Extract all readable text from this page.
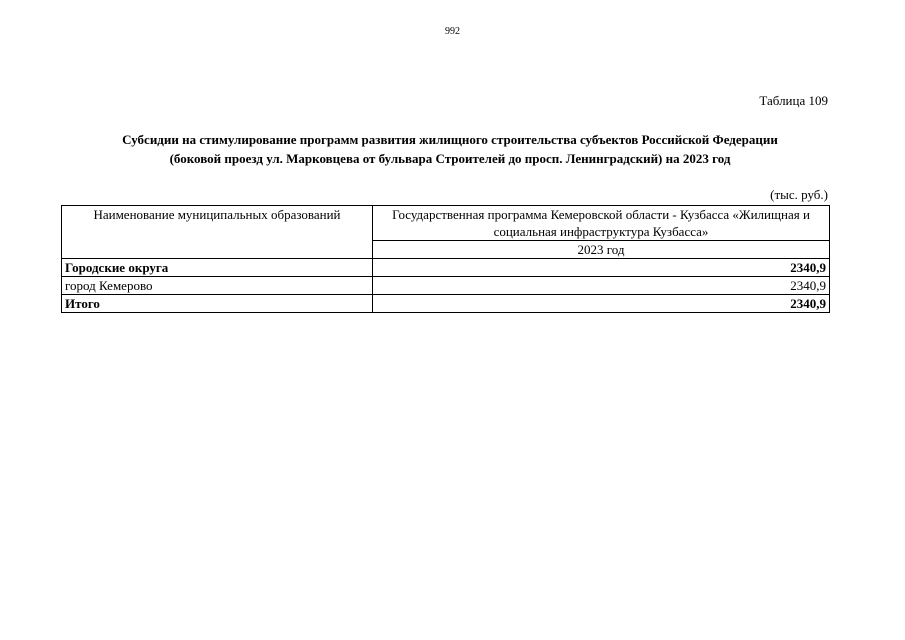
992
Таблица 109
Субсидии на стимулирование программ развития жилищного строительства субъектов Российской Федерации
(боковой проезд ул. Марковцева от бульвара Строителей до просп. Ленинградский) на 2023 год
(тыс. руб.)
Наименование муниципальных образований	Государственная программа Кемеровской области - Кузбасса «Жилищная и социальная инфраструктура Кузбасса»
	2023 год
Городские округа	2340,9
город Кемерово	2340,9
Итого	2340,9
